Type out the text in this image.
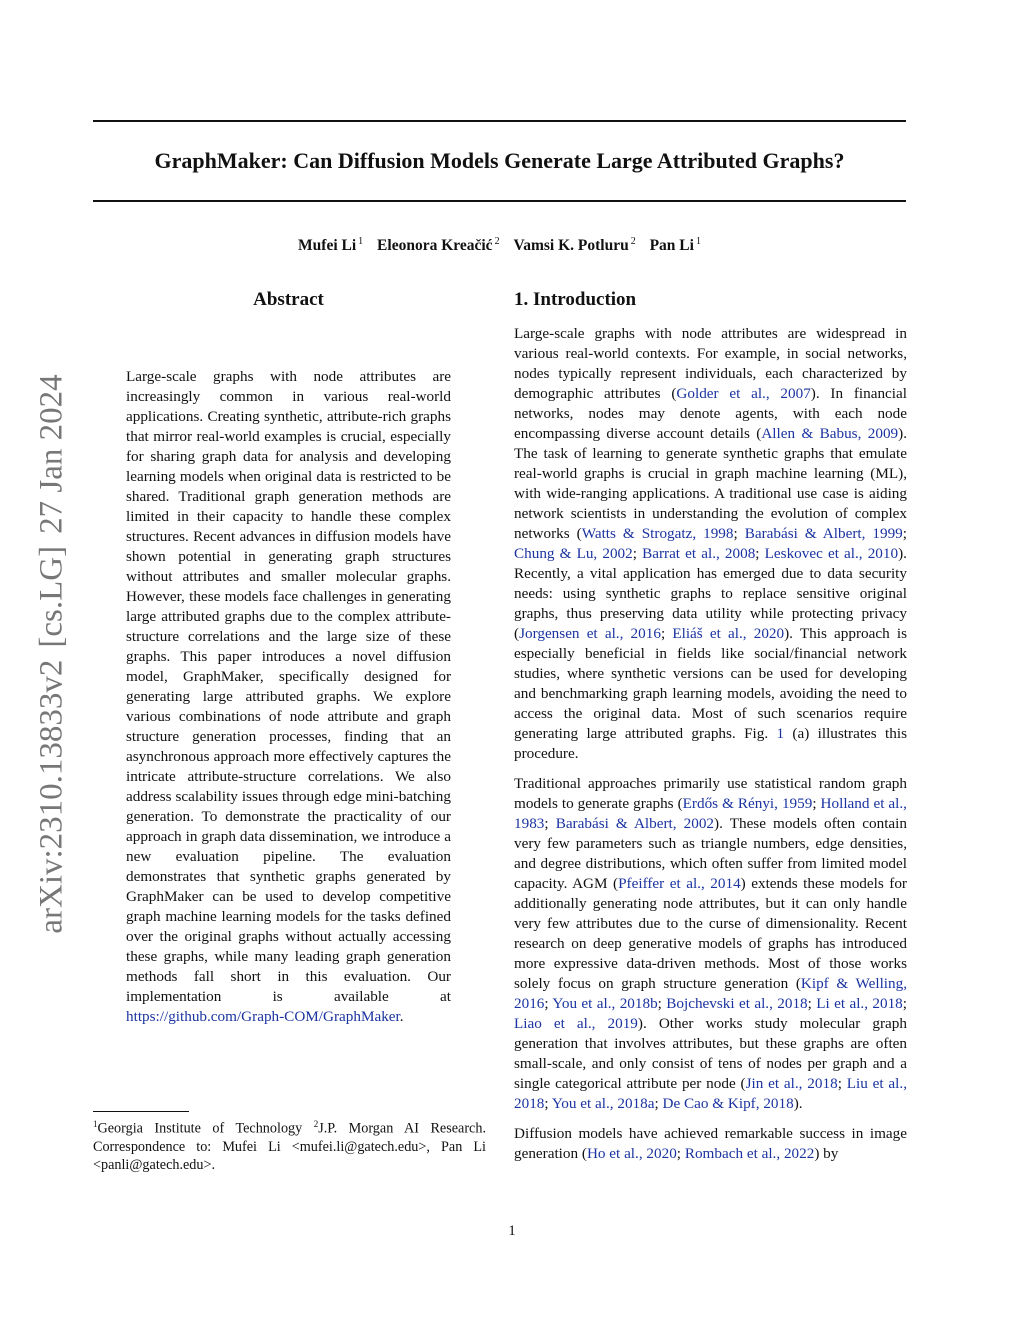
GraphMaker: Can Diffusion Models Generate Large Attributed Graphs?
Mufei Li $^1$ Eleonora Kreačić $^2$ Vamsi K. Potluru $^2$ Pan Li $^1$
arXiv:2310.13833v2[cs.LG]27 Jan 2024
Abstract

Large-scale graphs with node attributes are increasingly common in various real-world applications. Creating synthetic, attribute-rich graphs that mirror real-world examples is crucial, especially for sharing graph data for analysis and developing learning models when original data is restricted to be shared. Traditional graph generation methods are limited in their capacity to handle these complex structures. Recent advances in diffusion models have shown potential in generating graph structures without attributes and smaller molecular graphs. However, these models face challenges in generating large attributed graphs due to the complex attribute-structure correlations and the large size of these graphs. This paper introduces a novel diffusion model, GraphMaker, specifically designed for generating large attributed graphs. We explore various combinations of node attribute and graph structure generation processes, finding that an asynchronous approach more effectively captures the intricate attribute-structure correlations. We also address scalability issues through edge mini-batching generation. To demonstrate the practicality of our approach in graph data dissemination, we introduce a new evaluation pipeline. The evaluation demonstrates that synthetic graphs generated by GraphMaker can be used to develop competitive graph machine learning models for the tasks defined over the original graphs without actually accessing these graphs, while many leading graph generation methods fall short in this evaluation. Our implementation is available at https://github.com/Graph-COM/GraphMaker.

$^1$Georgia Institute of Technology $^2$J.P. Morgan AI Research. Correspondence to: Mufei Li <mufei.li@gatech.edu>, Pan Li <panli@gatech.edu>.
1. Introduction

Large-scale graphs with node attributes are widespread in various real-world contexts. For example, in social networks, nodes typically represent individuals, each characterized by demographic attributes (Golder et al., 2007). In financial networks, nodes may denote agents, with each node encompassing diverse account details (Allen & Babus, 2009). The task of learning to generate synthetic graphs that emulate real-world graphs is crucial in graph machine learning (ML), with wide-ranging applications. A traditional use case is aiding network scientists in understanding the evolution of complex networks (Watts & Strogatz, 1998; Barabási & Albert, 1999; Chung & Lu, 2002; Barrat et al., 2008; Leskovec et al., 2010). Recently, a vital application has emerged due to data security needs: using synthetic graphs to replace sensitive original graphs, thus preserving data utility while protecting privacy (Jorgensen et al., 2016; Eliáš et al., 2020). This approach is especially beneficial in fields like social/financial network studies, where synthetic versions can be used for developing and benchmarking graph learning models, avoiding the need to access the original data. Most of such scenarios require generating large attributed graphs. Fig. 1 (a) illustrates this procedure.

Traditional approaches primarily use statistical random graph models to generate graphs (Erdős & Rényi, 1959; Holland et al., 1983; Barabási & Albert, 2002). These models often contain very few parameters such as triangle numbers, edge densities, and degree distributions, which often suffer from limited model capacity. AGM (Pfeiffer et al., 2014) extends these models for additionally generating node attributes, but it can only handle very few attributes due to the curse of dimensionality. Recent research on deep generative models of graphs has introduced more expressive data-driven methods. Most of those works solely focus on graph structure generation (Kipf & Welling, 2016; You et al., 2018b; Bojchevski et al., 2018; Li et al., 2018; Liao et al., 2019). Other works study molecular graph generation that involves attributes, but these graphs are often small-scale, and only consist of tens of nodes per graph and a single categorical attribute per node (Jin et al., 2018; Liu et al., 2018; You et al., 2018a; De Cao & Kipf, 2018).

Diffusion models have achieved remarkable success in image generation (Ho et al., 2020; Rombach et al., 2022) by

1
